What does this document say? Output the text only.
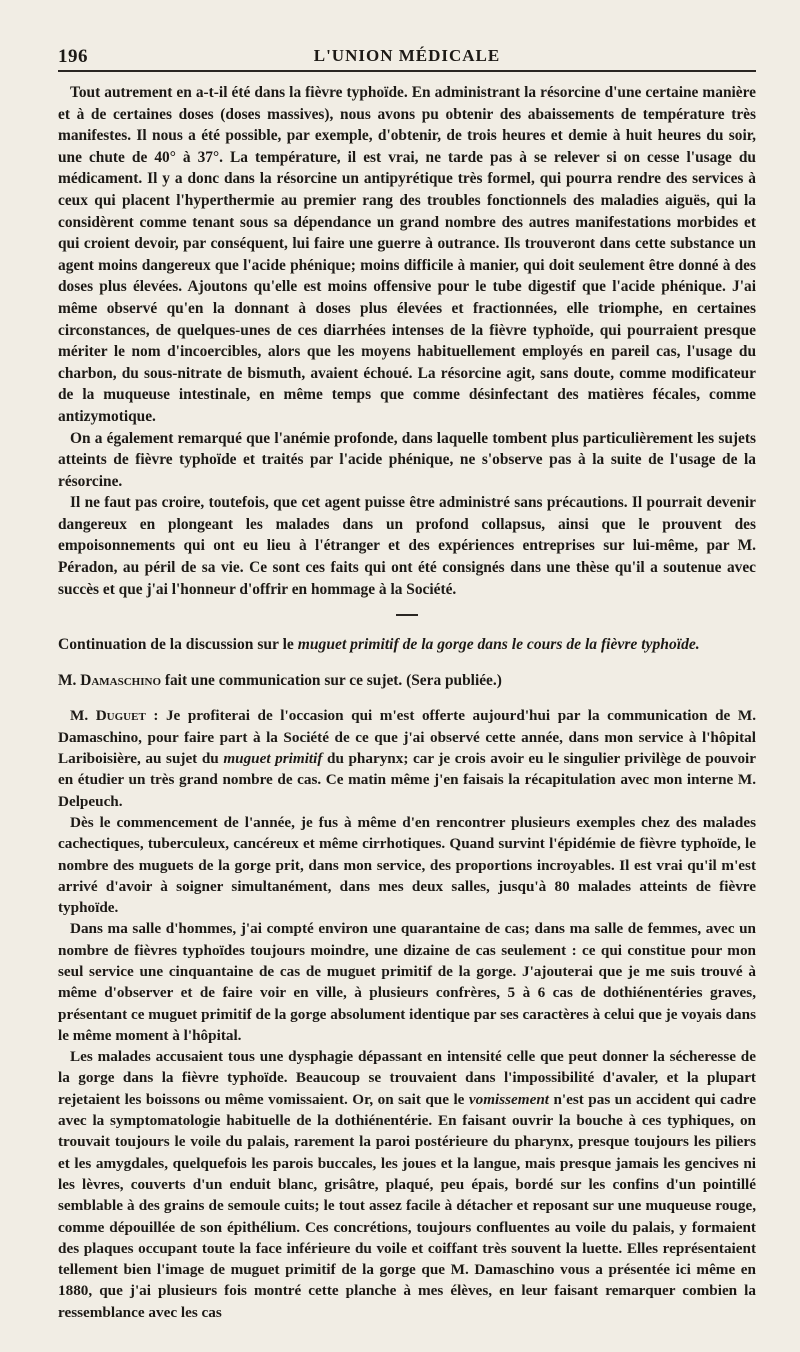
196	L'UNION MÉDICALE

Tout autrement en a-t-il été dans la fièvre typhoïde. En administrant la résorcine d'une certaine manière et à de certaines doses (doses massives), nous avons pu obtenir des abaissements de température très manifestes. Il nous a été possible, par exemple, d'obtenir, de trois heures et demie à huit heures du soir, une chute de 40° à 37°. La température, il est vrai, ne tarde pas à se relever si on cesse l'usage du médicament. Il y a donc dans la résorcine un antipyrétique très formel, qui pourra rendre des services à ceux qui placent l'hyperthermie au premier rang des troubles fonctionnels des maladies aiguës, qui la considèrent comme tenant sous sa dépendance un grand nombre des autres manifestations morbides et qui croient devoir, par conséquent, lui faire une guerre à outrance. Ils trouveront dans cette substance un agent moins dangereux que l'acide phénique; moins difficile à manier, qui doit seulement être donné à des doses plus élevées. Ajoutons qu'elle est moins offensive pour le tube digestif que l'acide phénique. J'ai même observé qu'en la donnant à doses plus élevées et fractionnées, elle triomphe, en certaines circonstances, de quelques-unes de ces diarrhées intenses de la fièvre typhoïde, qui pourraient presque mériter le nom d'incoercibles, alors que les moyens habituellement employés en pareil cas, l'usage du charbon, du sous-nitrate de bismuth, avaient échoué. La résorcine agit, sans doute, comme modificateur de la muqueuse intestinale, en même temps que comme désinfectant des matières fécales, comme antizymotique.

On a également remarqué que l'anémie profonde, dans laquelle tombent plus particulièrement les sujets atteints de fièvre typhoïde et traités par l'acide phénique, ne s'observe pas à la suite de l'usage de la résorcine.

Il ne faut pas croire, toutefois, que cet agent puisse être administré sans précautions. Il pourrait devenir dangereux en plongeant les malades dans un profond collapsus, ainsi que le prouvent des empoisonnements qui ont eu lieu à l'étranger et des expériences entreprises sur lui-même, par M. Péradon, au péril de sa vie. Ce sont ces faits qui ont été consignés dans une thèse qu'il a soutenue avec succès et que j'ai l'honneur d'offrir en hommage à la Société.

Continuation de la discussion sur le muguet primitif de la gorge dans le cours de la fièvre typhoïde.

M. Damaschino fait une communication sur ce sujet. (Sera publiée.)

M. Duguet : Je profiterai de l'occasion qui m'est offerte aujourd'hui par la communication de M. Damaschino, pour faire part à la Société de ce que j'ai observé cette année, dans mon service à l'hôpital Lariboisière, au sujet du muguet primitif du pharynx; car je crois avoir eu le singulier privilège de pouvoir en étudier un très grand nombre de cas. Ce matin même j'en faisais la récapitulation avec mon interne M. Delpeuch.

Dès le commencement de l'année, je fus à même d'en rencontrer plusieurs exemples chez des malades cachectiques, tuberculeux, cancéreux et même cirrhotiques. Quand survint l'épidémie de fièvre typhoïde, le nombre des muguets de la gorge prit, dans mon service, des proportions incroyables. Il est vrai qu'il m'est arrivé d'avoir à soigner simultanément, dans mes deux salles, jusqu'à 80 malades atteints de fièvre typhoïde.

Dans ma salle d'hommes, j'ai compté environ une quarantaine de cas; dans ma salle de femmes, avec un nombre de fièvres typhoïdes toujours moindre, une dizaine de cas seulement : ce qui constitue pour mon seul service une cinquantaine de cas de muguet primitif de la gorge. J'ajouterai que je me suis trouvé à même d'observer et de faire voir en ville, à plusieurs confrères, 5 à 6 cas de dothiénentéries graves, présentant ce muguet primitif de la gorge absolument identique par ses caractères à celui que je voyais dans le même moment à l'hôpital.

Les malades accusaient tous une dysphagie dépassant en intensité celle que peut donner la sécheresse de la gorge dans la fièvre typhoïde. Beaucoup se trouvaient dans l'impossibilité d'avaler, et la plupart rejetaient les boissons ou même vomissaient. Or, on sait que le vomissement n'est pas un accident qui cadre avec la symptomatologie habituelle de la dothiénentérie. En faisant ouvrir la bouche à ces typhiques, on trouvait toujours le voile du palais, rarement la paroi postérieure du pharynx, presque toujours les piliers et les amygdales, quelquefois les parois buccales, les joues et la langue, mais presque jamais les gencives ni les lèvres, couverts d'un enduit blanc, grisâtre, plaqué, peu épais, bordé sur les confins d'un pointillé semblable à des grains de semoule cuits; le tout assez facile à détacher et reposant sur une muqueuse rouge, comme dépouillée de son épithélium. Ces concrétions, toujours confluentes au voile du palais, y formaient des plaques occupant toute la face inférieure du voile et coiffant très souvent la luette. Elles représentaient tellement bien l'image de muguet primitif de la gorge que M. Damaschino vous a présentée ici même en 1880, que j'ai plusieurs fois montré cette planche à mes élèves, en leur faisant remarquer combien la ressemblance avec les cas
